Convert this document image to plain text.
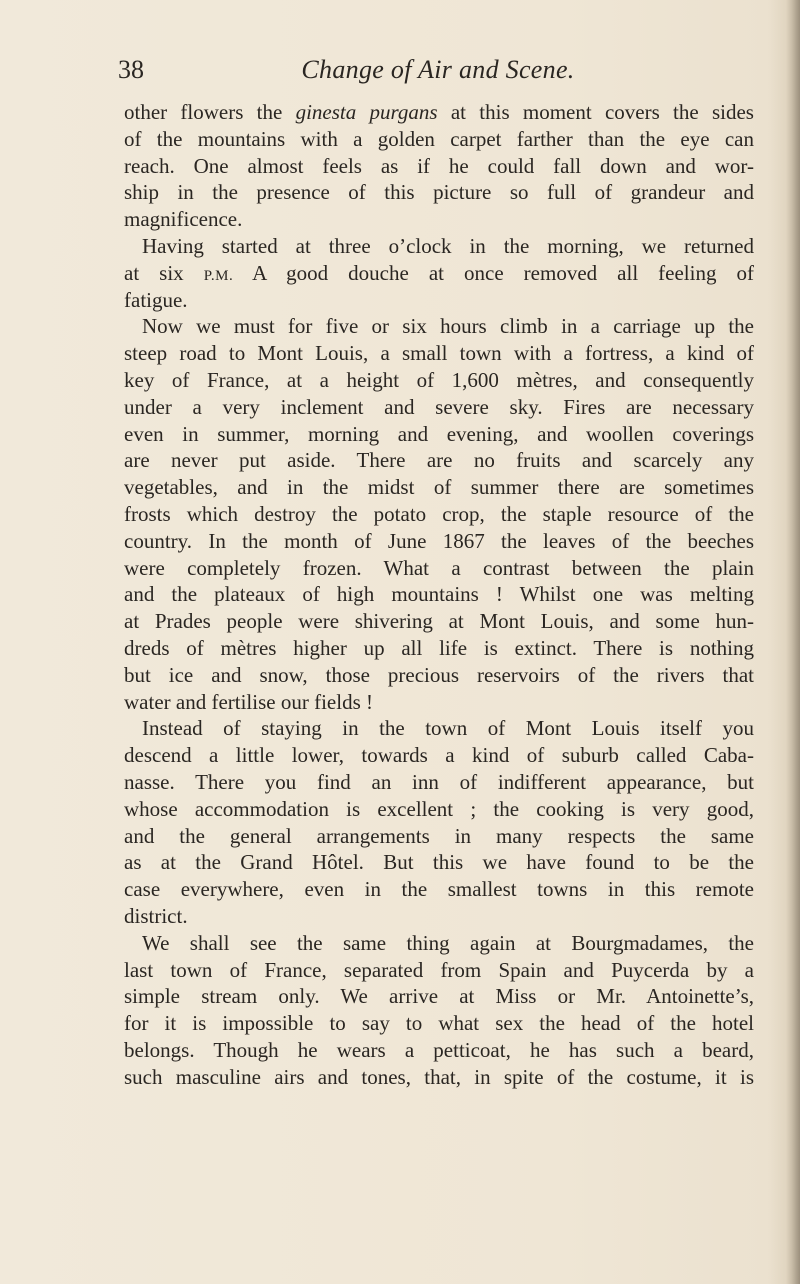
38	Change of Air and Scene.
other flowers the ginesta purgans at this moment covers the sides
of the mountains with a golden carpet farther than the eye can
reach. One almost feels as if he could fall down and wor-
ship in the presence of this picture so full of grandeur and
magnificence.
Having started at three o’clock in the morning, we returned
at six P.M. A good douche at once removed all feeling of
fatigue.
Now we must for five or six hours climb in a carriage up the
steep road to Mont Louis, a small town with a fortress, a kind of
key of France, at a height of 1,600 mètres, and consequently
under a very inclement and severe sky. Fires are necessary
even in summer, morning and evening, and woollen coverings
are never put aside. There are no fruits and scarcely any
vegetables, and in the midst of summer there are sometimes
frosts which destroy the potato crop, the staple resource of the
country. In the month of June 1867 the leaves of the beeches
were completely frozen. What a contrast between the plain
and the plateaux of high mountains ! Whilst one was melting
at Prades people were shivering at Mont Louis, and some hun-
dreds of mètres higher up all life is extinct. There is nothing
but ice and snow, those precious reservoirs of the rivers that
water and fertilise our fields !
Instead of staying in the town of Mont Louis itself you
descend a little lower, towards a kind of suburb called Caba-
nasse. There you find an inn of indifferent appearance, but
whose accommodation is excellent ; the cooking is very good,
and the general arrangements in many respects the same
as at the Grand Hôtel. But this we have found to be the
case everywhere, even in the smallest towns in this remote
district.
We shall see the same thing again at Bourgmadames, the
last town of France, separated from Spain and Puycerda by a
simple stream only. We arrive at Miss or Mr. Antoinette’s,
for it is impossible to say to what sex the head of the hotel
belongs. Though he wears a petticoat, he has such a beard,
such masculine airs and tones, that, in spite of the costume, it is
